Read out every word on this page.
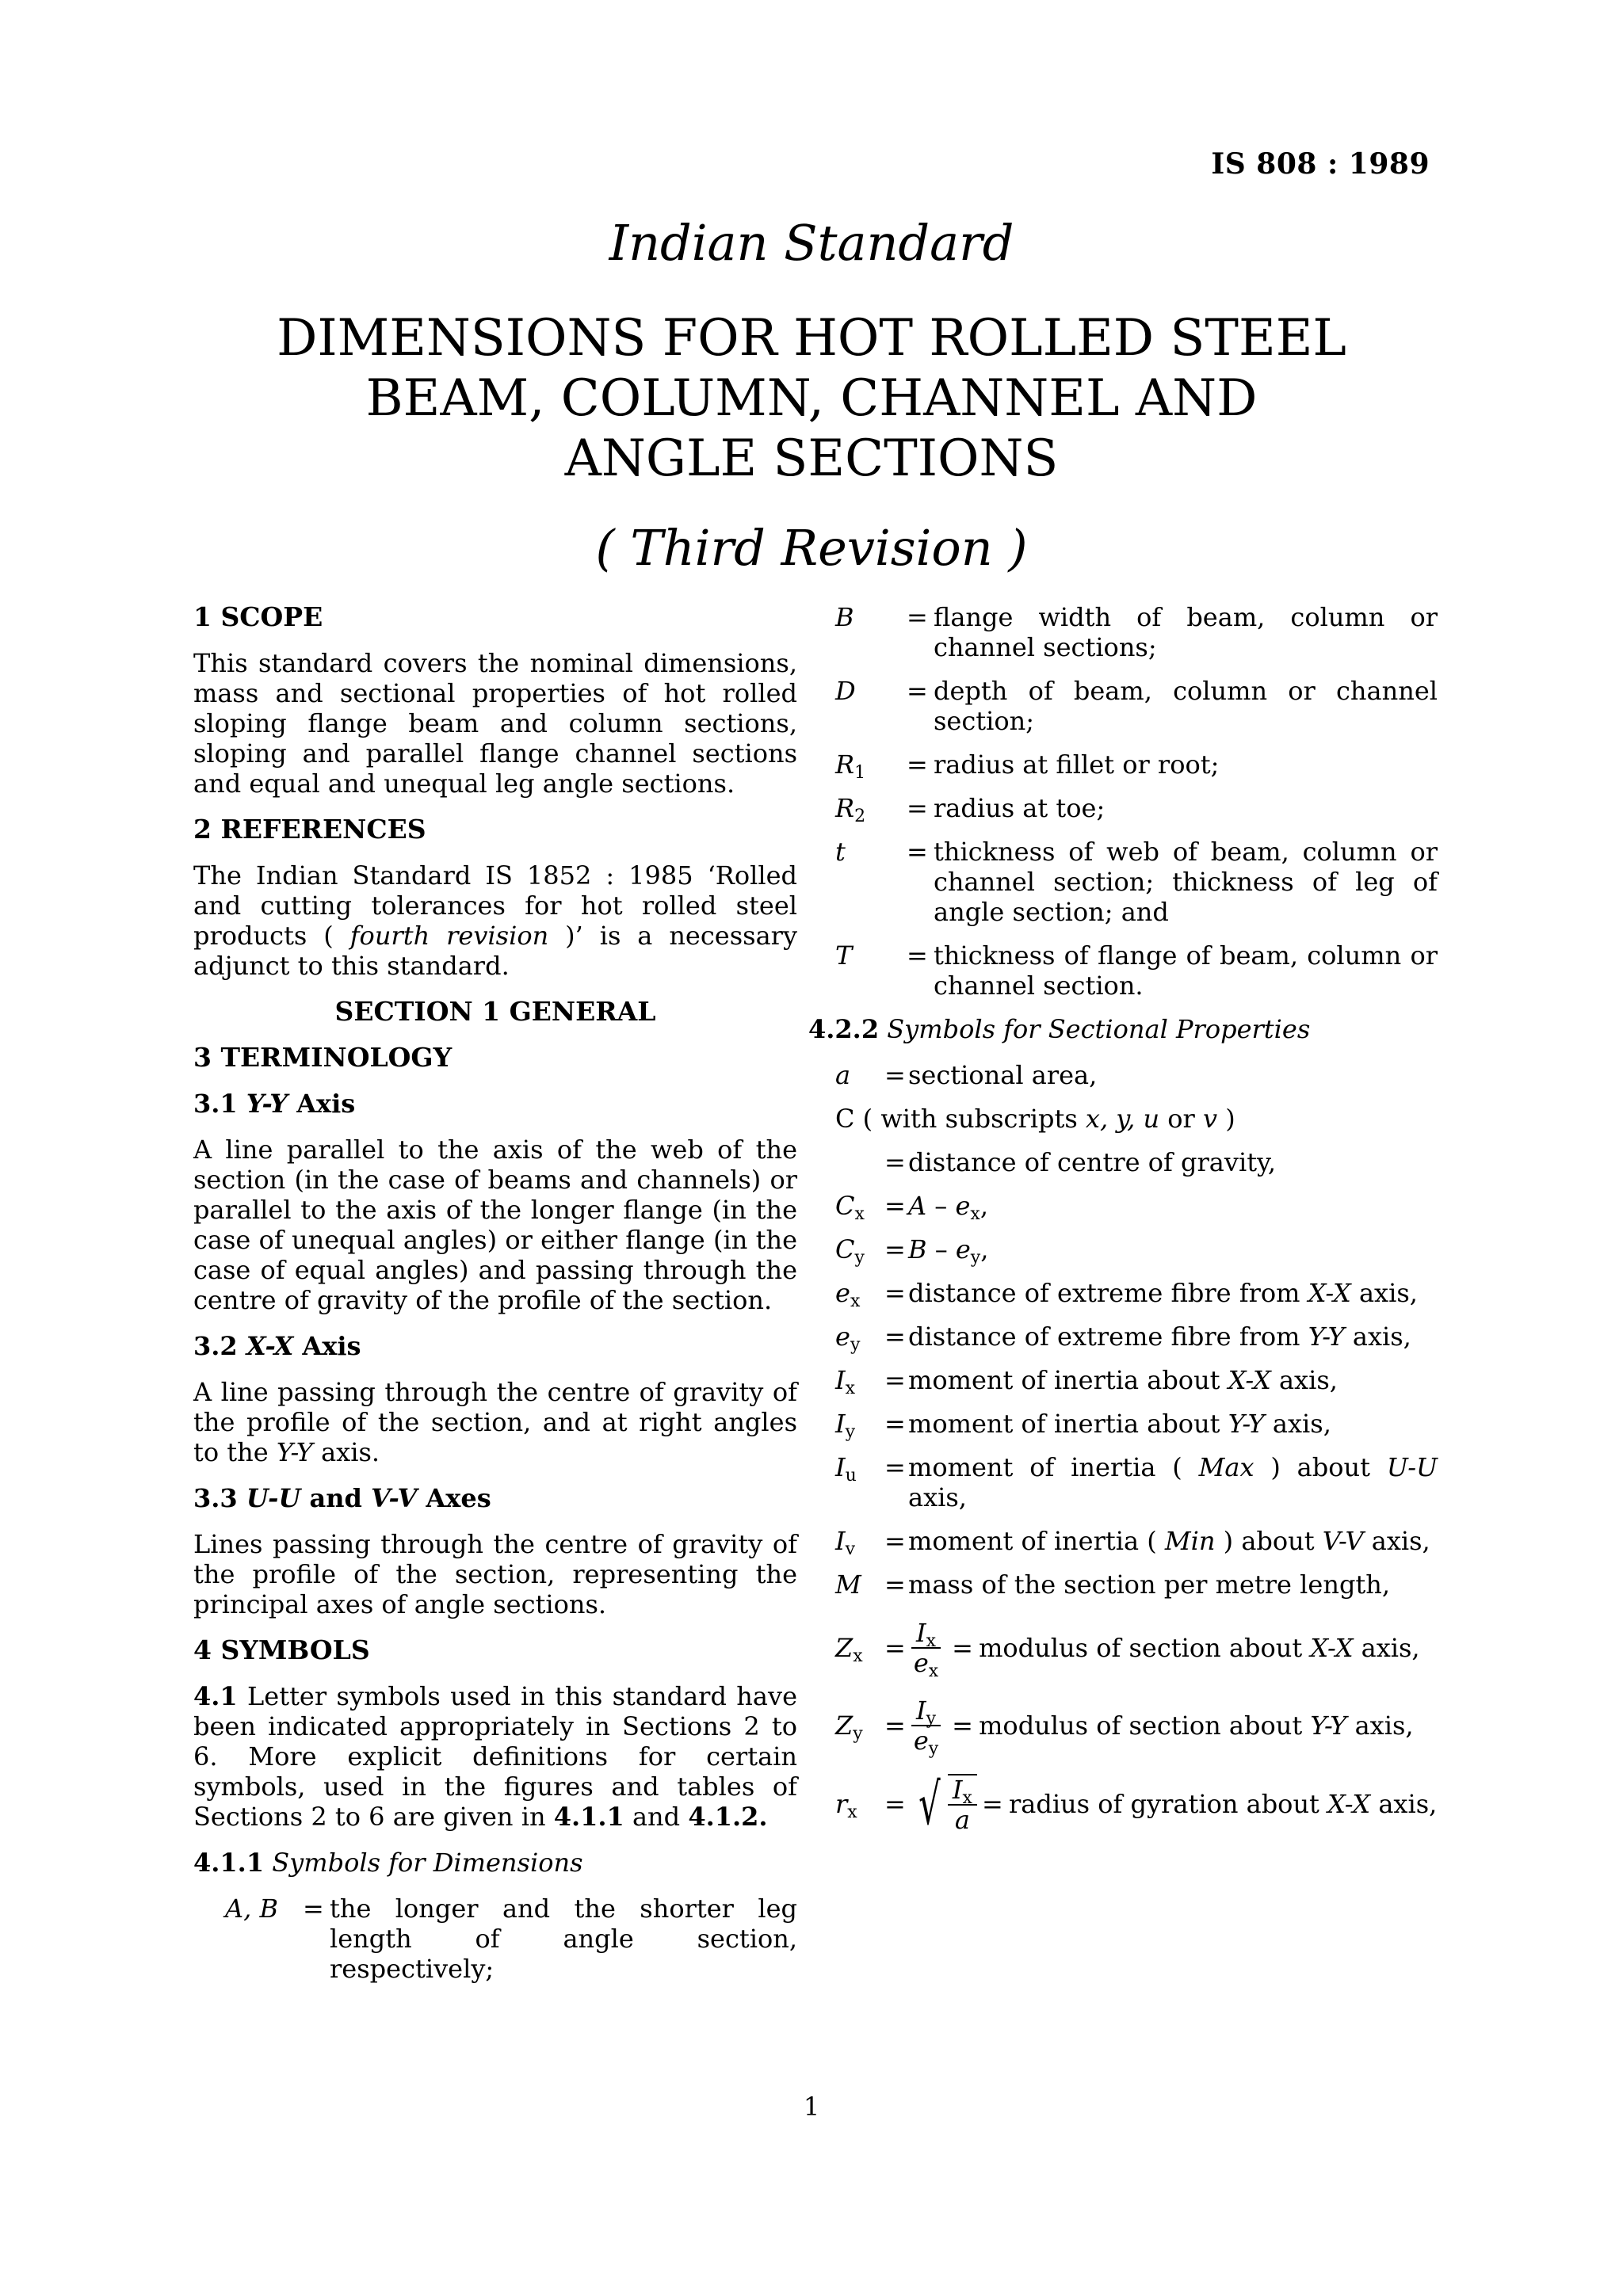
IS 808 : 1989
Indian Standard
DIMENSIONS FOR HOT ROLLED STEEL
BEAM, COLUMN, CHANNEL AND
ANGLE SECTIONS
( Third Revision )
1 SCOPE

This standard covers the nominal dimensions, mass and sectional properties of hot rolled sloping flange beam and column sections, sloping and parallel flange channel sections and equal and unequal leg angle sections.

2 REFERENCES

The Indian Standard IS 1852 : 1985 ‘Rolled and cutting tolerances for hot rolled steel products ( fourth revision )’ is a necessary adjunct to this standard.

SECTION 1 GENERAL
3 TERMINOLOGY
3.1 Y-Y Axis

A line parallel to the axis of the web of the section (in the case of beams and channels) or parallel to the axis of the longer flange (in the case of unequal angles) or either flange (in the case of equal angles) and passing through the centre of gravity of the profile of the section.

3.2 X-X Axis

A line passing through the centre of gravity of the profile of the section, and at right angles to the Y-Y axis.

3.3 U-U and V-V Axes

Lines passing through the centre of gravity of the profile of the section, representing the principal axes of angle sections.

4 SYMBOLS

4.1 Letter symbols used in this standard have been indicated appropriately in Sections 2 to 6. More explicit definitions for certain symbols, used in the figures and tables of Sections 2 to 6 are given in 4.1.1 and 4.1.2.

4.1.1 Symbols for Dimensions
A, B = the longer and the shorter leg length of angle section, respectively;
B	= flange width of beam, column or channel sections;
D	= depth of beam, column or channel section;
$R_1$	= radius at fillet or root;
$R_2$	= radius at toe;
t	= thickness of web of beam, column or channel section; thickness of leg of angle section; and
T	= thickness of flange of beam, column or channel section.
4.2.2 Symbols for Sectional Properties
a	= sectional area,
C ( with subscripts x, y, u or v )
= distance of centre of gravity,
$C_x = A - e_x$,
$C_y = B - e_y$,
$e_x$ = distance of extreme fibre from X-X axis,
$e_y$ = distance of extreme fibre from Y-Y axis,
$I_x$	= moment of inertia about X-X axis,
$I_y$	= moment of inertia about Y-Y axis,
$I_u$	= moment of inertia ( Max ) about U-U axis,
$I_v$	= moment of inertia ( Min ) about V-V axis,
M = mass of the section per metre length,
$Z_x = \frac{I_x}{e_x}$ = modulus of section about X-X axis,
$Z_y = \frac{I_y}{e_y}$ = modulus of section about Y-Y axis,
$r_x$	= √ $\frac{I_x}{a}$ = radius of gyration about X-X axis,
1
